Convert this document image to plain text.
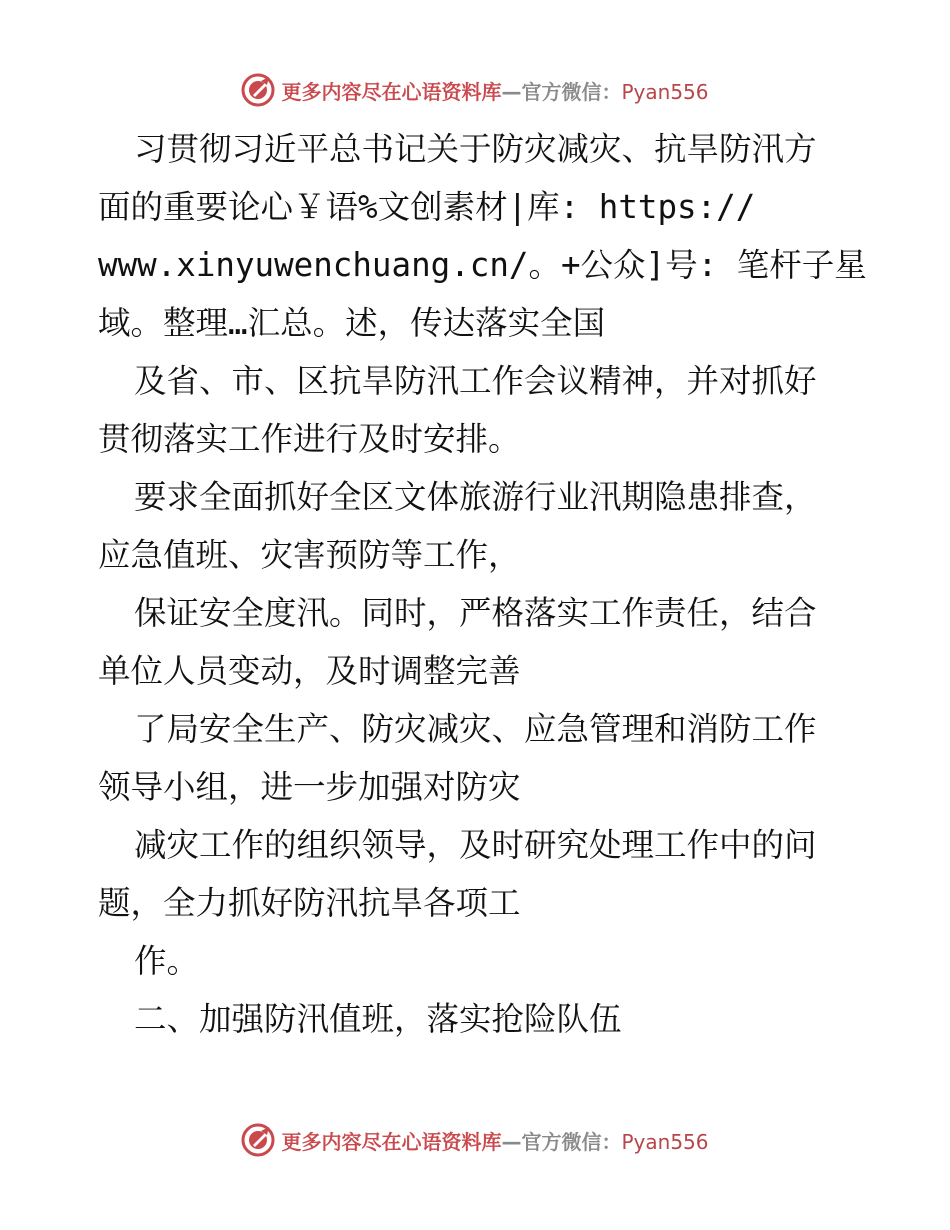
更多内容尽在心语资料库—官方微信：Pyan556
习贯彻习近平总书记关于防灾减灾、抗旱防汛方
面的重要论心￥语%文创素材|库: https://
www.xinyuwenchuang.cn/。+公众]号: 笔杆子星
域。整理…汇总。述，传达落实全国
及省、市、区抗旱防汛工作会议精神，并对抓好
贯彻落实工作进行及时安排。
要求全面抓好全区文体旅游行业汛期隐患排查，
应急值班、灾害预防等工作，
保证安全度汛。同时，严格落实工作责任，结合
单位人员变动，及时调整完善
了局安全生产、防灾减灾、应急管理和消防工作
领导小组，进一步加强对防灾
减灾工作的组织领导，及时研究处理工作中的问
题，全力抓好防汛抗旱各项工
作。
二、加强防汛值班，落实抢险队伍
更多内容尽在心语资料库—官方微信：Pyan556
